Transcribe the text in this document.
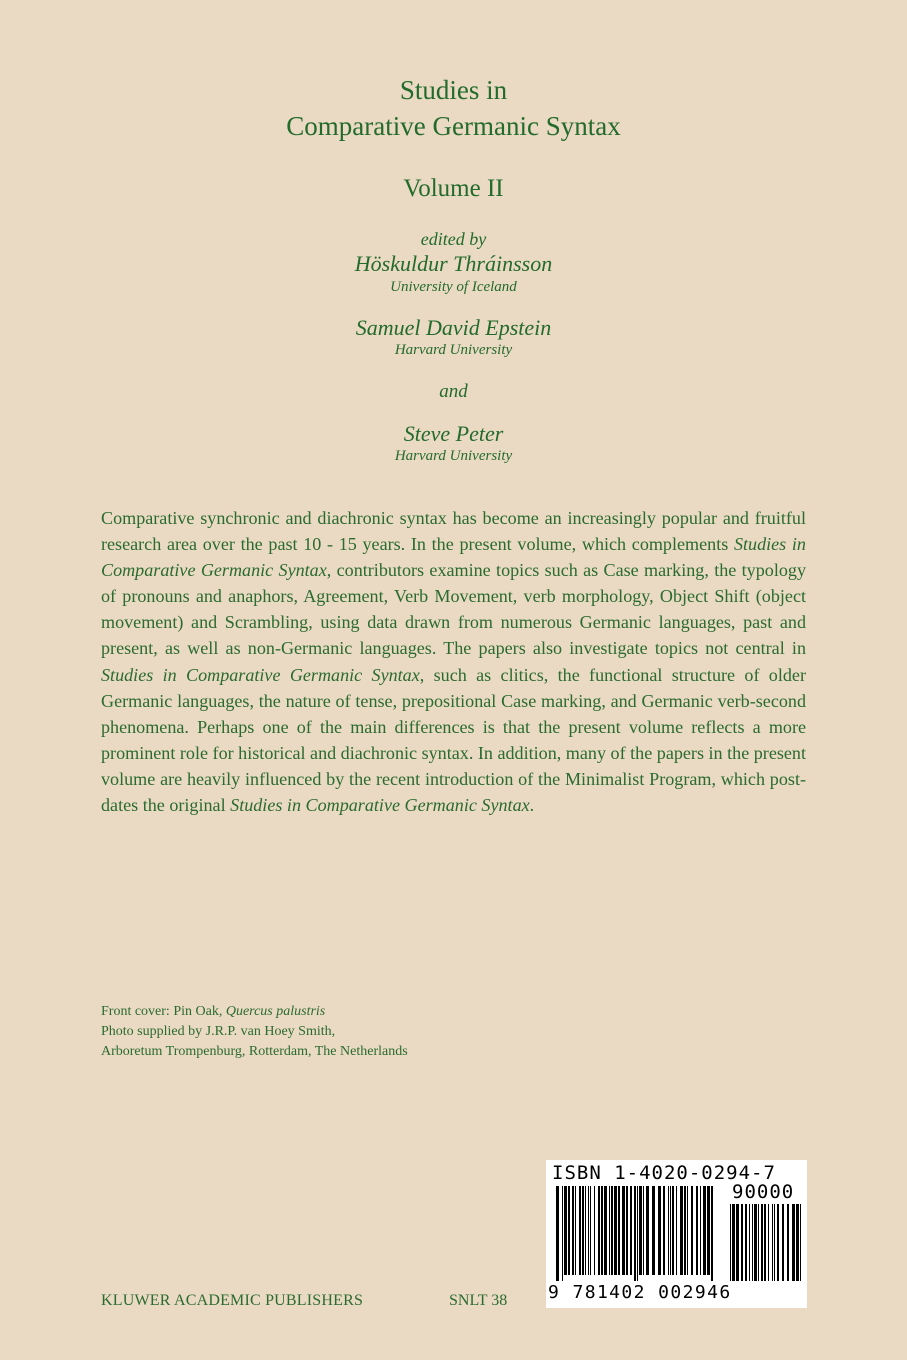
Studies in
Comparative Germanic Syntax
Volume II
edited by
Höskuldur Thráinsson
University of Iceland
Samuel David Epstein
Harvard University
and
Steve Peter
Harvard University
Comparative synchronic and diachronic syntax has become an increasingly popular and fruitful research area over the past 10 - 15 years. In the present volume, which complements Studies in Comparative Germanic Syntax, contributors examine topics such as Case marking, the typology of pronouns and anaphors, Agreement, Verb Movement, verb morphology, Object Shift (object movement) and Scrambling, using data drawn from numerous Germanic languages, past and present, as well as non-Germanic languages. The papers also investigate topics not central in Studies in Comparative Germanic Syntax, such as clitics, the functional structure of older Germanic languages, the nature of tense, prepositional Case marking, and Germanic verb-second phenomena. Perhaps one of the main differences is that the present volume reflects a more prominent role for historical and diachronic syntax. In addition, many of the papers in the present volume are heavily influenced by the recent introduction of the Minimalist Program, which post-dates the original Studies in Comparative Germanic Syntax.
Front cover: Pin Oak, Quercus palustris
Photo supplied by J.R.P. van Hoey Smith,
Arboretum Trompenburg, Rotterdam, The Netherlands
KLUWER ACADEMIC PUBLISHERS	SNLT 38
ISBN 1-4020-0294-7
90000
9 781402 002946
